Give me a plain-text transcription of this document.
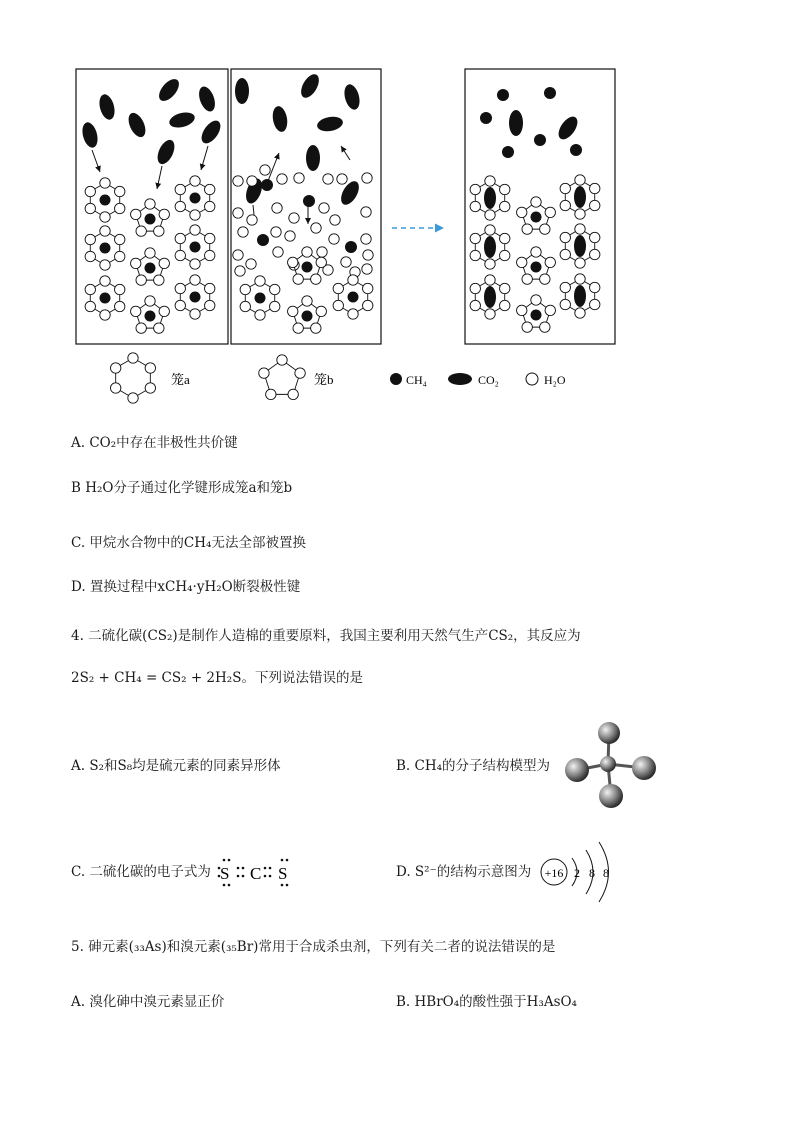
笼a	笼b	CH₄	CO₂	H₂O
A. CO₂中存在非极性共价键
B H₂O分子通过化学键形成笼a和笼b
C. 甲烷水合物中的CH₄无法全部被置换
D. 置换过程中xCH₄·yH₂O断裂极性键
4. 二硫化碳(CS₂)是制作人造棉的重要原料，我国主要利用天然气生产CS₂，其反应为
2S₂ + CH₄ = CS₂ + 2H₂S。下列说法错误的是
A. S₂和S₈均是硫元素的同素异形体	B. CH₄的分子结构模型为
C. 二硫化碳的电子式为 S C S	D. S²⁻的结构示意图为 +16 2 8 8
5. 砷元素(₃₃As)和溴元素(₃₅Br)常用于合成杀虫剂，下列有关二者的说法错误的是
A. 溴化砷中溴元素显正价	B. HBrO₄的酸性强于H₃AsO₄
